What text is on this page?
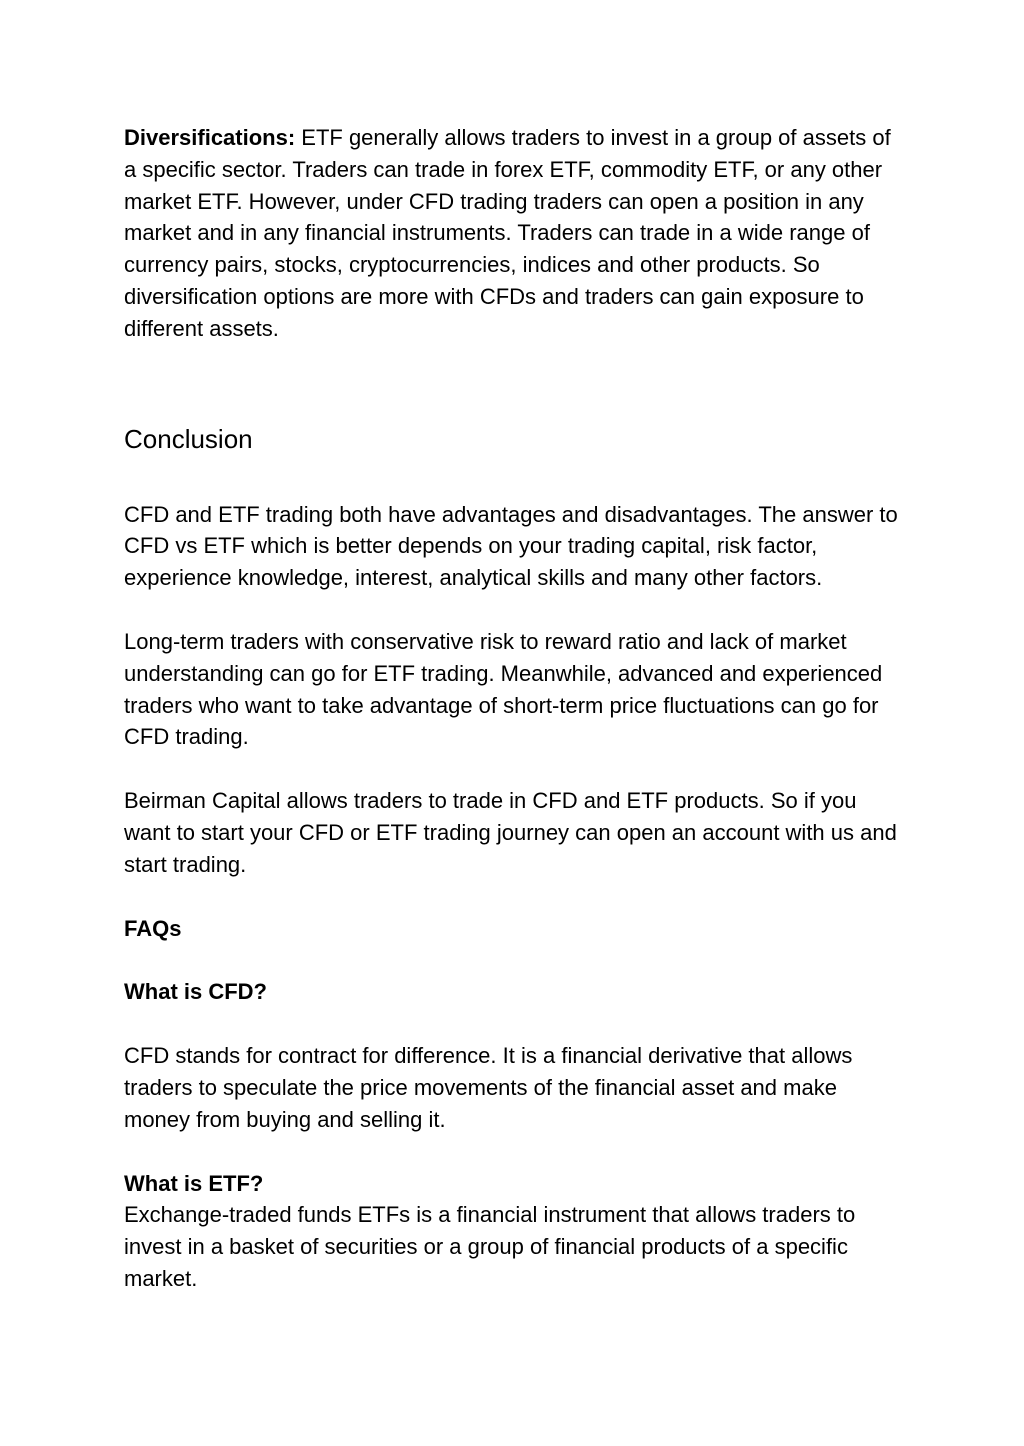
Diversifications: ETF generally allows traders to invest in a group of assets of a specific sector. Traders can trade in forex ETF, commodity ETF, or any other market ETF. However, under CFD trading traders can open a position in any market and in any financial instruments. Traders can trade in a wide range of currency pairs, stocks, cryptocurrencies, indices and other products. So diversification options are more with CFDs and traders can gain exposure to different assets.

Conclusion

CFD and ETF trading both have advantages and disadvantages. The answer to CFD vs ETF which is better depends on your trading capital, risk factor, experience knowledge, interest, analytical skills and many other factors.

Long-term traders with conservative risk to reward ratio and lack of market understanding can go for ETF trading. Meanwhile, advanced and experienced traders who want to take advantage of short-term price fluctuations can go for CFD trading.

Beirman Capital allows traders to trade in CFD and ETF products. So if you want to start your CFD or ETF trading journey can open an account with us and start trading.

FAQs

What is CFD?

CFD stands for contract for difference. It is a financial derivative that allows traders to speculate the price movements of the financial asset and make money from buying and selling it.

What is ETF?

Exchange-traded funds ETFs is a financial instrument that allows traders to invest in a basket of securities or a group of financial products of a specific market.
